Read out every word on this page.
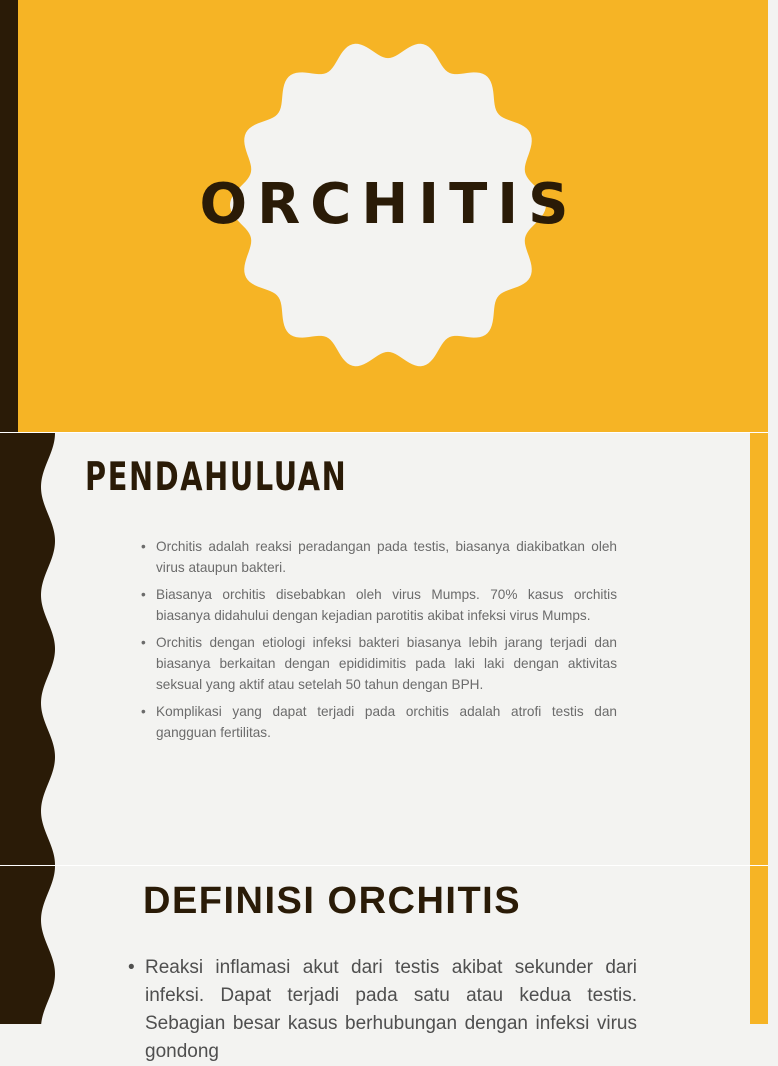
ORCHITIS
PENDAHULUAN
• Orchitis adalah reaksi peradangan pada testis, biasanya diakibatkan oleh virus ataupun bakteri.
• Biasanya orchitis disebabkan oleh virus Mumps. 70% kasus orchitis biasanya didahului dengan kejadian parotitis akibat infeksi virus Mumps.
• Orchitis dengan etiologi infeksi bakteri biasanya lebih jarang terjadi dan biasanya berkaitan dengan epididimitis pada laki laki dengan aktivitas seksual yang aktif atau setelah 50 tahun dengan BPH.
• Komplikasi yang dapat terjadi pada orchitis adalah atrofi testis dan gangguan fertilitas.
DEFINISI ORCHITIS
• Reaksi inflamasi akut dari testis akibat sekunder dari infeksi. Dapat terjadi pada satu atau kedua testis. Sebagian besar kasus berhubungan dengan infeksi virus gondong
